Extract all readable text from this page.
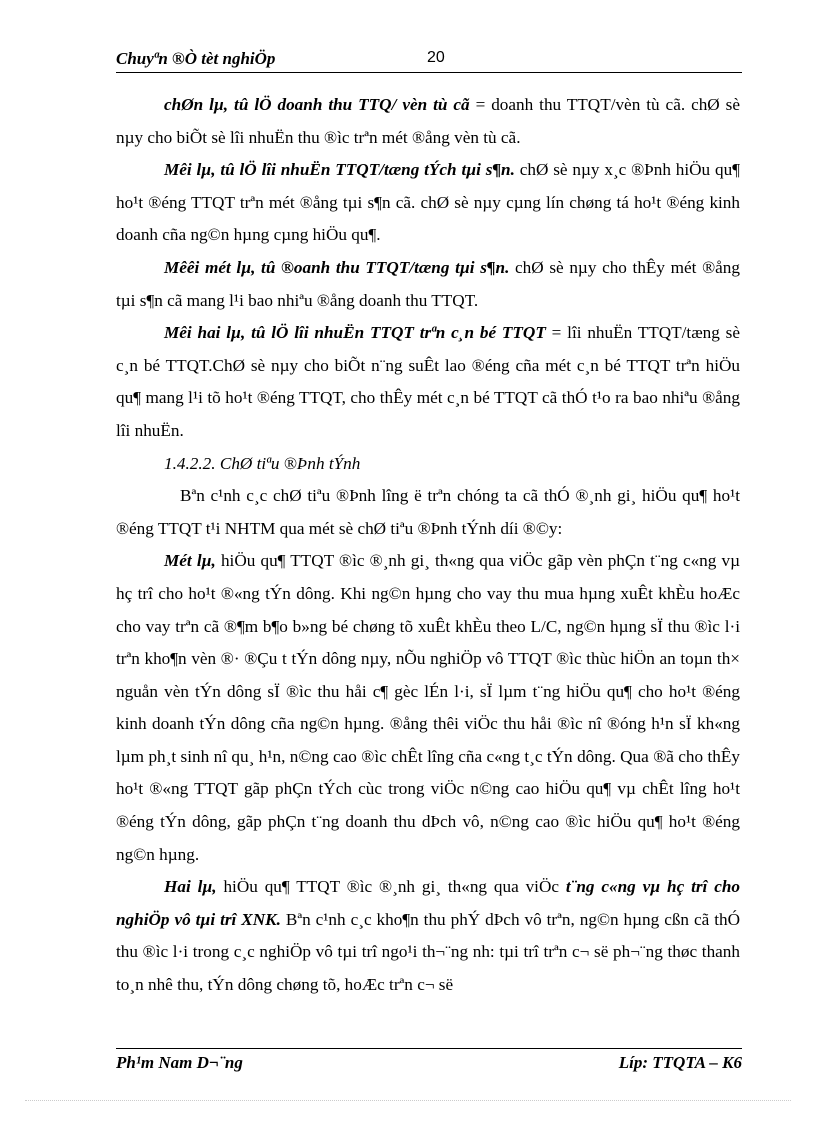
Chuyªn ®Ò tèt nghiÖp	20

chØn lµ, tû lÖ doanh thu TTQ/ vèn tù cã = doanh thu TTQT/vèn tù cã. chØ sè nµy cho biÕt sè lîi nhuËn thu ®ìc trªn mét ®ång vèn tù cã.

Mêi lµ, tû lÖ lîi nhuËn TTQT/tæng tÝch tµi s¶n. chØ sè nµy x¸c ®Þnh hiÖu qu¶ ho¹t ®éng TTQT trªn mét ®ång tµi s¶n cã. chØ sè nµy cµng lín chøng tá ho¹t ®éng kinh doanh cña ng©n hµng cµng hiÖu qu¶.

Mêêi mét lµ, tû ®oanh thu TTQT/tæng tµi s¶n. chØ sè nµy cho thÊy mét ®ång tµi s¶n cã mang l¹i bao nhiªu ®ång doanh thu TTQT.

Mêi hai lµ, tû lÖ lîi nhuËn TTQT trªn c¸n bé TTQT = lîi nhuËn TTQT/tæng sè c¸n bé TTQT.ChØ sè nµy cho biÕt n¨ng suÊt lao ®éng cña mét c¸n bé TTQT trªn hiÖu qu¶ mang l¹i tõ ho¹t ®éng TTQT, cho thÊy mét c¸n bé TTQT cã thÓ t¹o ra bao nhiªu ®ång lîi nhuËn.

1.4.2.2. ChØ tiªu ®Þnh tÝnh

Bªn c¹nh c¸c chØ tiªu ®Þnh lîng ë trªn chóng ta cã thÓ ®¸nh gi¸ hiÖu qu¶ ho¹t ®éng TTQT t¹i NHTM qua mét sè chØ tiªu ®Þnh tÝnh díi ®©y:

Mét lµ, hiÖu qu¶ TTQT ®ìc ®¸nh gi¸ th«ng qua viÖc gãp vèn phÇn t¨ng c«ng vµ hç trî cho ho¹t ®«ng tÝn dông. Khi ng©n hµng cho vay thu mua hµng xuÊt khÈu hoÆc cho vay trªn cã ®¶m b¶o b»ng bé chøng tõ xuÊt khÈu theo L/C, ng©n hµng sÏ thu ®ìc l·i trªn kho¶n vèn ®· ®Çu t tÝn dông nµy, nÕu nghiÖp vô TTQT ®ìc thùc hiÖn an toµn th× nguån vèn tÝn dông sÏ ®ìc thu håi c¶ gèc lÉn l·i, sÏ lµm t¨ng hiÖu qu¶ cho ho¹t ®éng kinh doanh tÝn dông cña ng©n hµng. ®ång thêi viÖc thu håi ®ìc nî ®óng h¹n sÏ kh«ng lµm ph¸t sinh nî qu¸ h¹n, n©ng cao ®ìc chÊt lîng cña c«ng t¸c tÝn dông. Qua ®ã cho thÊy ho¹t ®«ng TTQT gãp phÇn tÝch cùc trong viÖc n©ng cao hiÖu qu¶ vµ chÊt lîng ho¹t ®éng tÝn dông, gãp phÇn t¨ng doanh thu dÞch vô, n©ng cao ®ìc hiÖu qu¶ ho¹t ®éng ng©n hµng.

Hai lµ, hiÖu qu¶ TTQT ®ìc ®¸nh gi¸ th«ng qua viÖc t¨ng c«ng vµ hç trî cho nghiÖp vô tµi trî XNK. Bªn c¹nh c¸c kho¶n thu phÝ dÞch vô trªn, ng©n hµng cßn cã thÓ thu ®ìc l·i trong c¸c nghiÖp vô tµi trî ngo¹i th¬¨ng nh: tµi trî trªn c¬ së ph¬¨ng thøc thanh to¸n nhê thu, tÝn dông chøng tõ, hoÆc trªn c¬ së

Ph¹m Nam D¬¨ng	Líp: TTQTA – K6
